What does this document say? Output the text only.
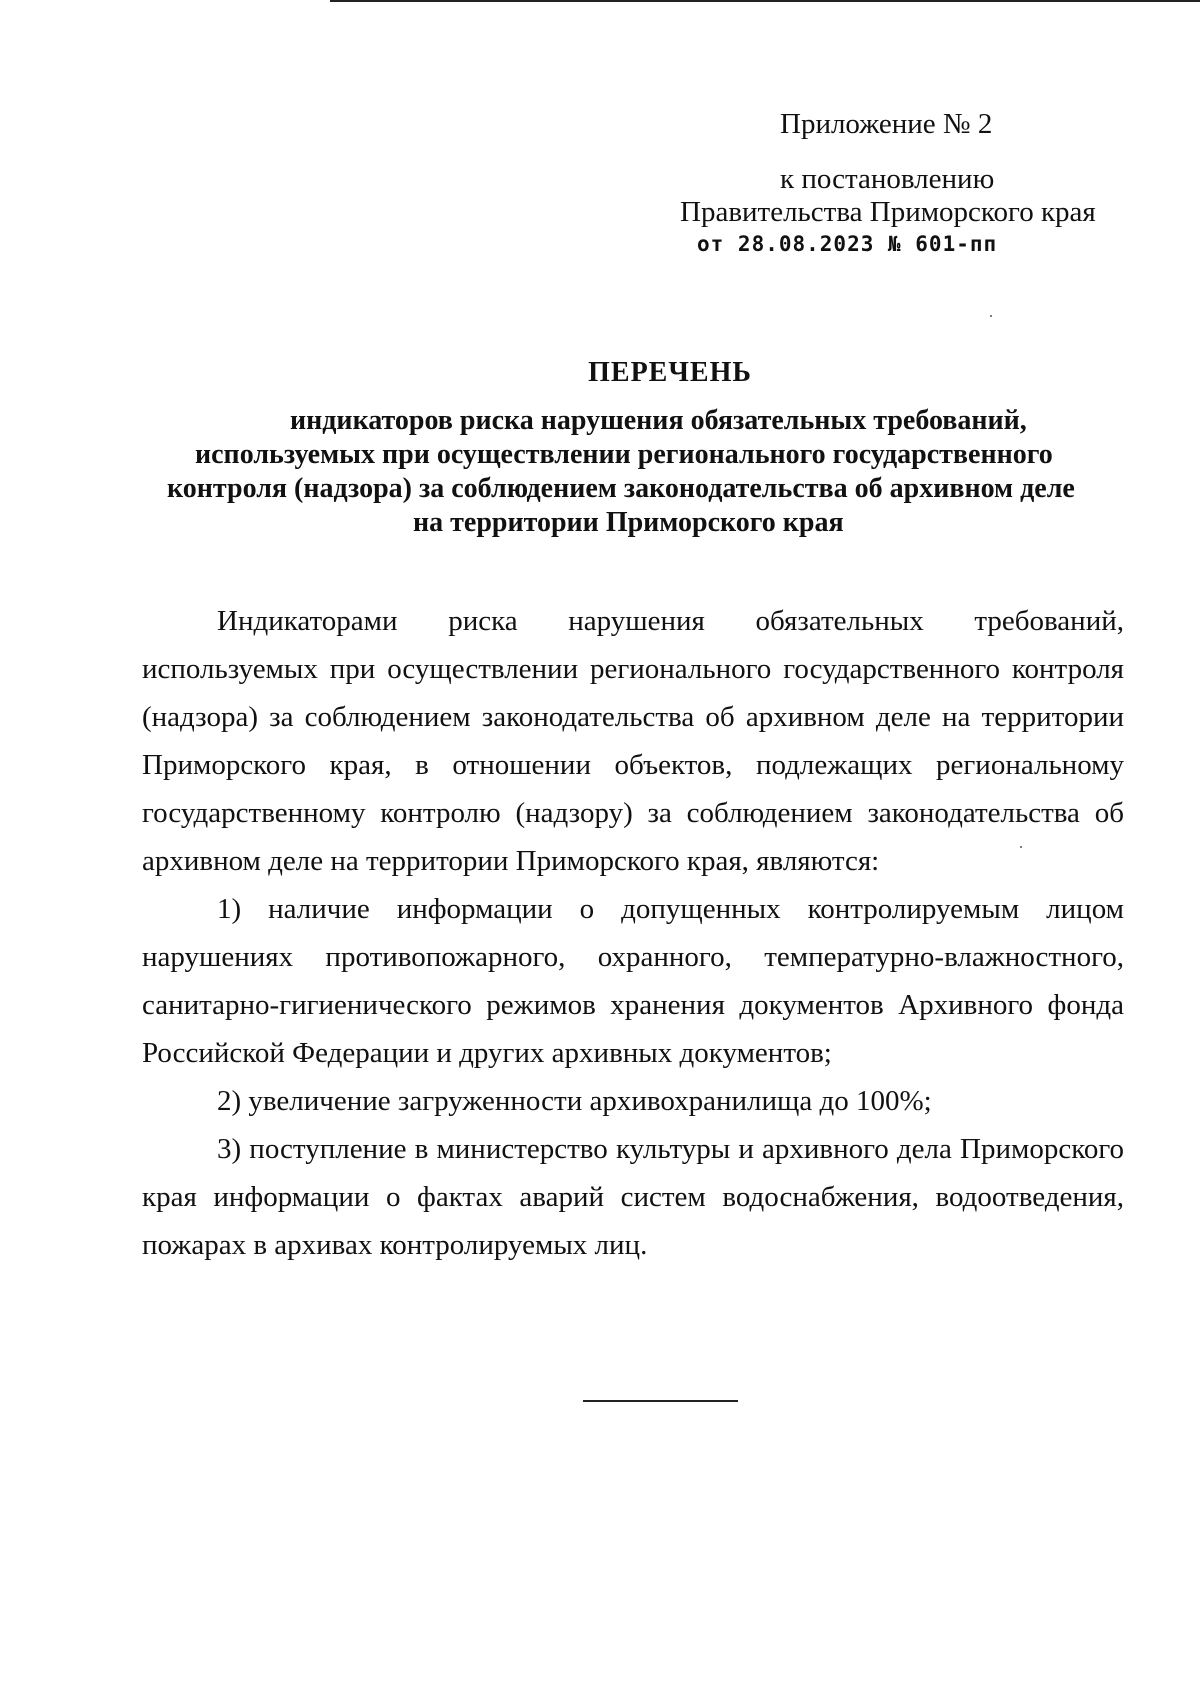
Приложение № 2
к постановлению
Правительства Приморского края
от 28.08.2023 № 601-пп
ПЕРЕЧЕНЬ
индикаторов риска нарушения обязательных требований,
используемых при осуществлении регионального государственного
контроля (надзора) за соблюдением законодательства об архивном деле
на территории Приморского края

Индикаторами риска нарушения обязательных требований, используемых при осуществлении регионального государственного контроля (надзора) за соблюдением законодательства об архивном деле на территории Приморского края, в отношении объектов, подлежащих региональному государственному контролю (надзору) за соблюдением законодательства об архивном деле на территории Приморского края, являются:

1) наличие информации о допущенных контролируемым лицом нарушениях противопожарного, охранного, температурно-влажностного, санитарно-гигиенического режимов хранения документов Архивного фонда Российской Федерации и других архивных документов;

2) увеличение загруженности архивохранилища до 100%;

3) поступление в министерство культуры и архивного дела Приморского края информации о фактах аварий систем водоснабжения, водоотведения, пожарах в архивах контролируемых лиц.
